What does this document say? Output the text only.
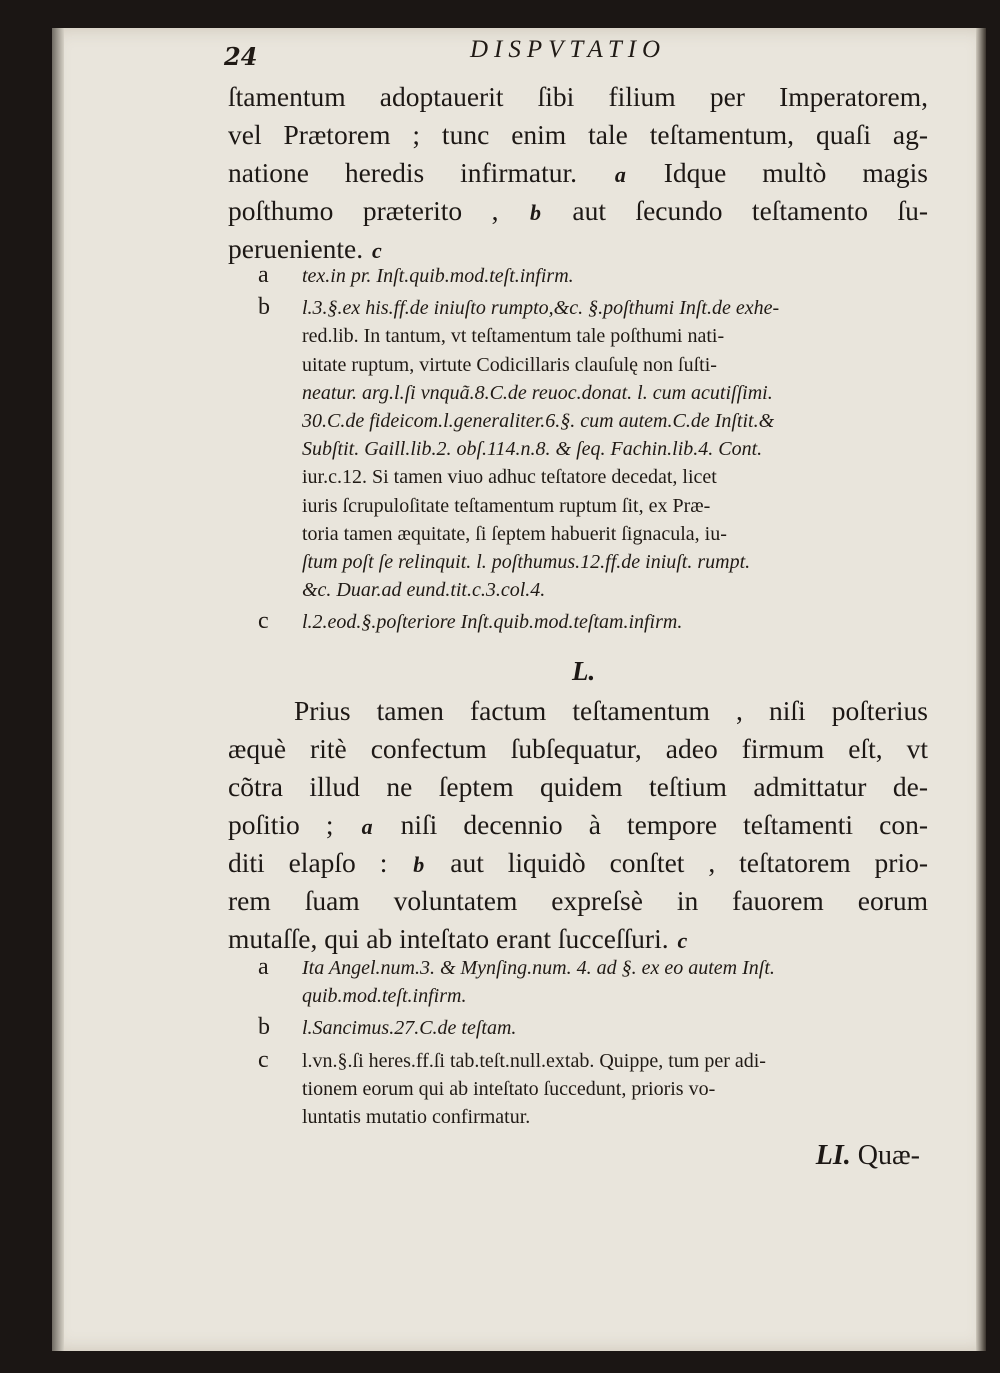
24	DISPVTATIO
ſtamentum adoptauerit ſibi filium per Imperatorem,
vel Prætorem ; tunc enim tale teſtamentum, quaſi ag-
natione heredis infirmatur. a Idque multò magis
poſthumo præterito , b aut ſecundo teſtamento ſu-
perueniente. c
a tex.in pr. Inſt.quib.mod.teſt.infirm.
b l.3.§.ex his.ff.de iniuſto rumpto,&c. §.poſthumi Inſt.de exhe-
red.lib. In tantum, vt teſtamentum tale poſthumi nati-
uitate ruptum, virtute Codicillaris clauſulę non ſuſti-
neatur. arg.l.ſi vnquã.8.C.de reuoc.donat. l. cum acutiſſimi.
30.C.de fideicom.l.generaliter.6.§. cum autem.C.de Inſtit.&
Subſtit. Gaill.lib.2. obſ.114.n.8. & ſeq. Fachin.lib.4. Cont.
iur.c.12. Si tamen viuo adhuc teſtatore decedat, licet
iuris ſcrupuloſitate teſtamentum ruptum ſit, ex Præ-
toria tamen æquitate, ſi ſeptem habuerit ſignacula, iu-
ſtum poſt ſe relinquit. l. poſthumus.12.ff.de iniuſt. rumpt.
&c. Duar.ad eund.tit.c.3.col.4.
c l.2.eod.§.poſteriore Inſt.quib.mod.teſtam.infirm.
L.
Prius tamen factum teſtamentum , niſi poſterius
æquè ritè confectum ſubſequatur, adeo firmum eſt, vt
cõtra illud ne ſeptem quidem teſtium admittatur de-
poſitio ; a niſi decennio à tempore teſtamenti con-
diti elapſo : b aut liquidò conſtet , teſtatorem prio-
rem ſuam voluntatem expreſsè in fauorem eorum
mutaſſe, qui ab inteſtato erant ſucceſſuri. c
a Ita Angel.num.3. & Mynſing.num. 4. ad §. ex eo autem Inſt.
quib.mod.teſt.infirm.
b l.Sancimus.27.C.de teſtam.
c l.vn.§.ſi heres.ff.ſi tab.teſt.null.extab. Quippe, tum per adi-
tionem eorum qui ab inteſtato ſuccedunt, prioris vo-
luntatis mutatio confirmatur.
LI. Quæ-
